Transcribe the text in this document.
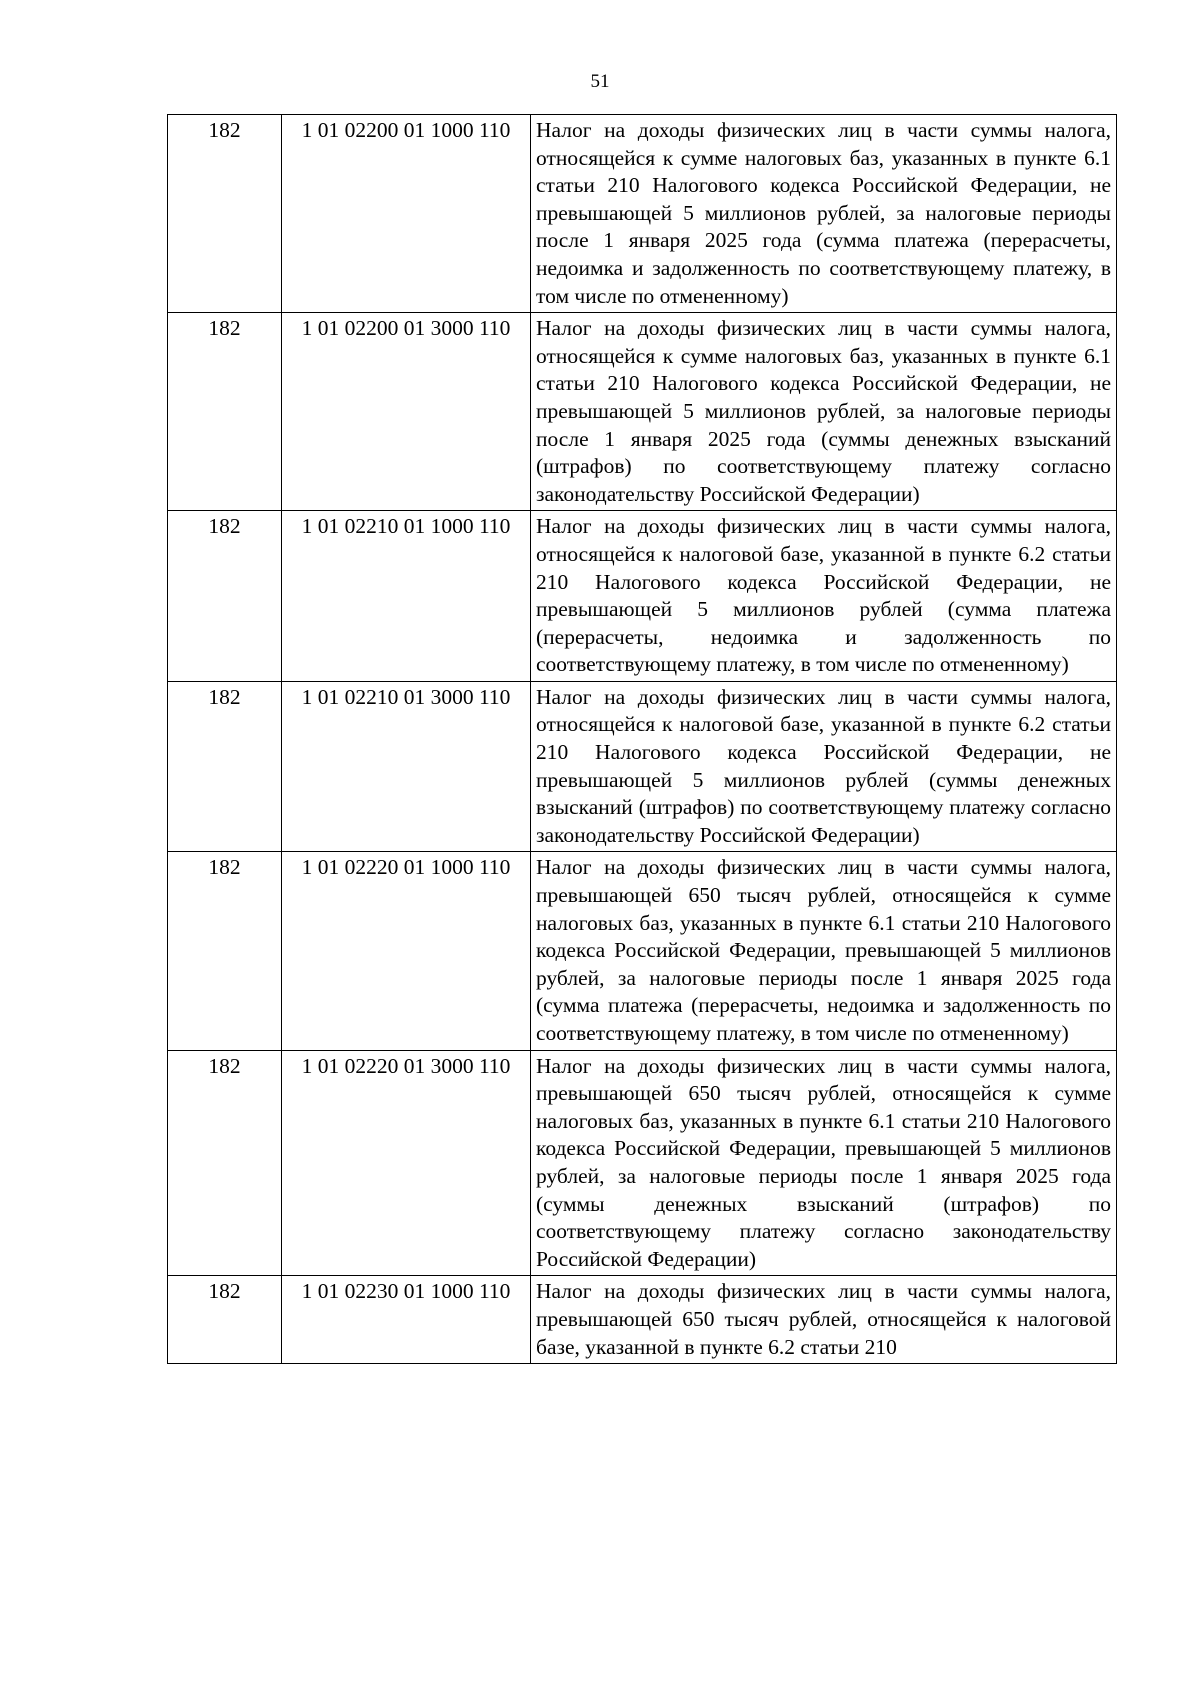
51
182	1 01 02200 01 1000 110	Налог на доходы физических лиц в части суммы налога, относящейся к сумме налоговых баз, указанных в пункте 6.1 статьи 210 Налогового кодекса Российской Федерации, не превышающей 5 миллионов рублей, за налоговые периоды после 1 января 2025 года (сумма платежа (перерасчеты, недоимка и задолженность по соответствующему платежу, в том числе по отмененному)
182	1 01 02200 01 3000 110	Налог на доходы физических лиц в части суммы налога, относящейся к сумме налоговых баз, указанных в пункте 6.1 статьи 210 Налогового кодекса Российской Федерации, не превышающей 5 миллионов рублей, за налоговые периоды после 1 января 2025 года (суммы денежных взысканий (штрафов) по соответствующему платежу согласно законодательству Российской Федерации)
182	1 01 02210 01 1000 110	Налог на доходы физических лиц в части суммы налога, относящейся к налоговой базе, указанной в пункте 6.2 статьи 210 Налогового кодекса Российской Федерации, не превышающей 5 миллионов рублей (сумма платежа (перерасчеты, недоимка и задолженность по соответствующему платежу, в том числе по отмененному)
182	1 01 02210 01 3000 110	Налог на доходы физических лиц в части суммы налога, относящейся к налоговой базе, указанной в пункте 6.2 статьи 210 Налогового кодекса Российской Федерации, не превышающей 5 миллионов рублей (суммы денежных взысканий (штрафов) по соответствующему платежу согласно законодательству Российской Федерации)
182	1 01 02220 01 1000 110	Налог на доходы физических лиц в части суммы налога, превышающей 650 тысяч рублей, относящейся к сумме налоговых баз, указанных в пункте 6.1 статьи 210 Налогового кодекса Российской Федерации, превышающей 5 миллионов рублей, за налоговые периоды после 1 января 2025 года (сумма платежа (перерасчеты, недоимка и задолженность по соответствующему платежу, в том числе по отмененному)
182	1 01 02220 01 3000 110	Налог на доходы физических лиц в части суммы налога, превышающей 650 тысяч рублей, относящейся к сумме налоговых баз, указанных в пункте 6.1 статьи 210 Налогового кодекса Российской Федерации, превышающей 5 миллионов рублей, за налоговые периоды после 1 января 2025 года (суммы денежных взысканий (штрафов) по соответствующему платежу согласно законодательству Российской Федерации)
182	1 01 02230 01 1000 110	Налог на доходы физических лиц в части суммы налога, превышающей 650 тысяч рублей, относящейся к налоговой базе, указанной в пункте 6.2 статьи 210
